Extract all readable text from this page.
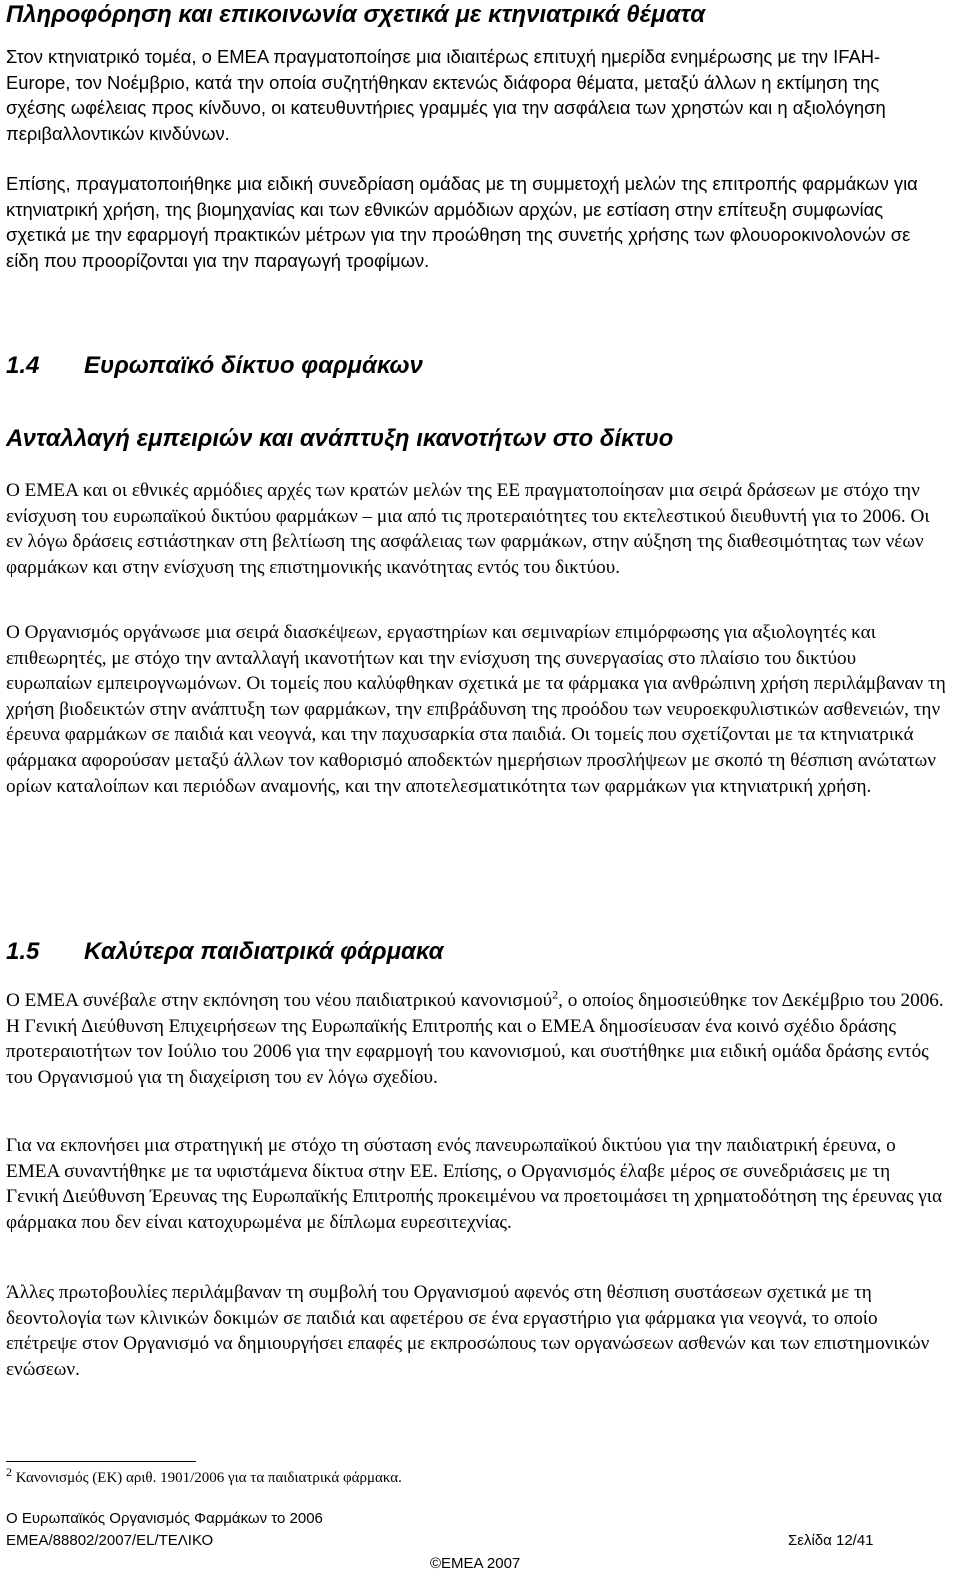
Πληροφόρηση και επικοινωνία σχετικά με κτηνιατρικά θέματα

Στον κτηνιατρικό τομέα, ο ΕΜΕΑ πραγματοποίησε μια ιδιαιτέρως επιτυχή ημερίδα ενημέρωσης με την IFAH-Europe, τον Νοέμβριο, κατά την οποία συζητήθηκαν εκτενώς διάφορα θέματα, μεταξύ άλλων η εκτίμηση της σχέσης ωφέλειας προς κίνδυνο, οι κατευθυντήριες γραμμές για την ασφάλεια των χρηστών και η αξιολόγηση περιβαλλοντικών κινδύνων.

Επίσης, πραγματοποιήθηκε μια ειδική συνεδρίαση ομάδας με τη συμμετοχή μελών της επιτροπής φαρμάκων για κτηνιατρική χρήση, της βιομηχανίας και των εθνικών αρμόδιων αρχών, με εστίαση στην επίτευξη συμφωνίας σχετικά με την εφαρμογή πρακτικών μέτρων για την προώθηση της συνετής χρήσης των φλουοροκινολονών σε είδη που προορίζονται για την παραγωγή τροφίμων.

1.4 Ευρωπαϊκό δίκτυο φαρμάκων
Ανταλλαγή εμπειριών και ανάπτυξη ικανοτήτων στο δίκτυο

Ο ΕΜΕΑ και οι εθνικές αρμόδιες αρχές των κρατών μελών της ΕΕ πραγματοποίησαν μια σειρά δράσεων με στόχο την ενίσχυση του ευρωπαϊκού δικτύου φαρμάκων – μια από τις προτεραιότητες του εκτελεστικού διευθυντή για το 2006. Οι εν λόγω δράσεις εστιάστηκαν στη βελτίωση της ασφάλειας των φαρμάκων, στην αύξηση της διαθεσιμότητας των νέων φαρμάκων και στην ενίσχυση της επιστημονικής ικανότητας εντός του δικτύου.

Ο Οργανισμός οργάνωσε μια σειρά διασκέψεων, εργαστηρίων και σεμιναρίων επιμόρφωσης για αξιολογητές και επιθεωρητές, με στόχο την ανταλλαγή ικανοτήτων και την ενίσχυση της συνεργασίας στο πλαίσιο του δικτύου ευρωπαίων εμπειρογνωμόνων. Οι τομείς που καλύφθηκαν σχετικά με τα φάρμακα για ανθρώπινη χρήση περιλάμβαναν τη χρήση βιοδεικτών στην ανάπτυξη των φαρμάκων, την επιβράδυνση της προόδου των νευροεκφυλιστικών ασθενειών, την έρευνα φαρμάκων σε παιδιά και νεογνά, και την παχυσαρκία στα παιδιά. Οι τομείς που σχετίζονται με τα κτηνιατρικά φάρμακα αφορούσαν μεταξύ άλλων τον καθορισμό αποδεκτών ημερήσιων προσλήψεων με σκοπό τη θέσπιση ανώτατων ορίων καταλοίπων και περιόδων αναμονής, και την αποτελεσματικότητα των φαρμάκων για κτηνιατρική χρήση.

1.5 Καλύτερα παιδιατρικά φάρμακα

Ο ΕΜΕΑ συνέβαλε στην εκπόνηση του νέου παιδιατρικού κανονισμού$^2$, ο οποίος δημοσιεύθηκε τον Δεκέμβριο του 2006. Η Γενική Διεύθυνση Επιχειρήσεων της Ευρωπαϊκής Επιτροπής και ο ΕΜΕΑ δημοσίευσαν ένα κοινό σχέδιο δράσης προτεραιοτήτων τον Ιούλιο του 2006 για την εφαρμογή του κανονισμού, και συστήθηκε μια ειδική ομάδα δράσης εντός του Οργανισμού για τη διαχείριση του εν λόγω σχεδίου.

Για να εκπονήσει μια στρατηγική με στόχο τη σύσταση ενός πανευρωπαϊκού δικτύου για την παιδιατρική έρευνα, ο ΕΜΕΑ συναντήθηκε με τα υφιστάμενα δίκτυα στην ΕΕ. Επίσης, ο Οργανισμός έλαβε μέρος σε συνεδριάσεις με τη Γενική Διεύθυνση Έρευνας της Ευρωπαϊκής Επιτροπής προκειμένου να προετοιμάσει τη χρηματοδότηση της έρευνας για φάρμακα που δεν είναι κατοχυρωμένα με δίπλωμα ευρεσιτεχνίας.

Άλλες πρωτοβουλίες περιλάμβαναν τη συμβολή του Οργανισμού αφενός στη θέσπιση συστάσεων σχετικά με τη δεοντολογία των κλινικών δοκιμών σε παιδιά και αφετέρου σε ένα εργαστήριο για φάρμακα για νεογνά, το οποίο επέτρεψε στον Οργανισμό να δημιουργήσει επαφές με εκπροσώπους των οργανώσεων ασθενών και των επιστημονικών ενώσεων.

$^2$ Κανονισμός (ΕΚ) αριθ. 1901/2006 για τα παιδιατρικά φάρμακα.

Ο Ευρωπαϊκός Οργανισμός Φαρμάκων το 2006
EMEA/88802/2007/EL/ΤΕΛΙΚΟ	Σελίδα 12/41
©EMEA 2007
